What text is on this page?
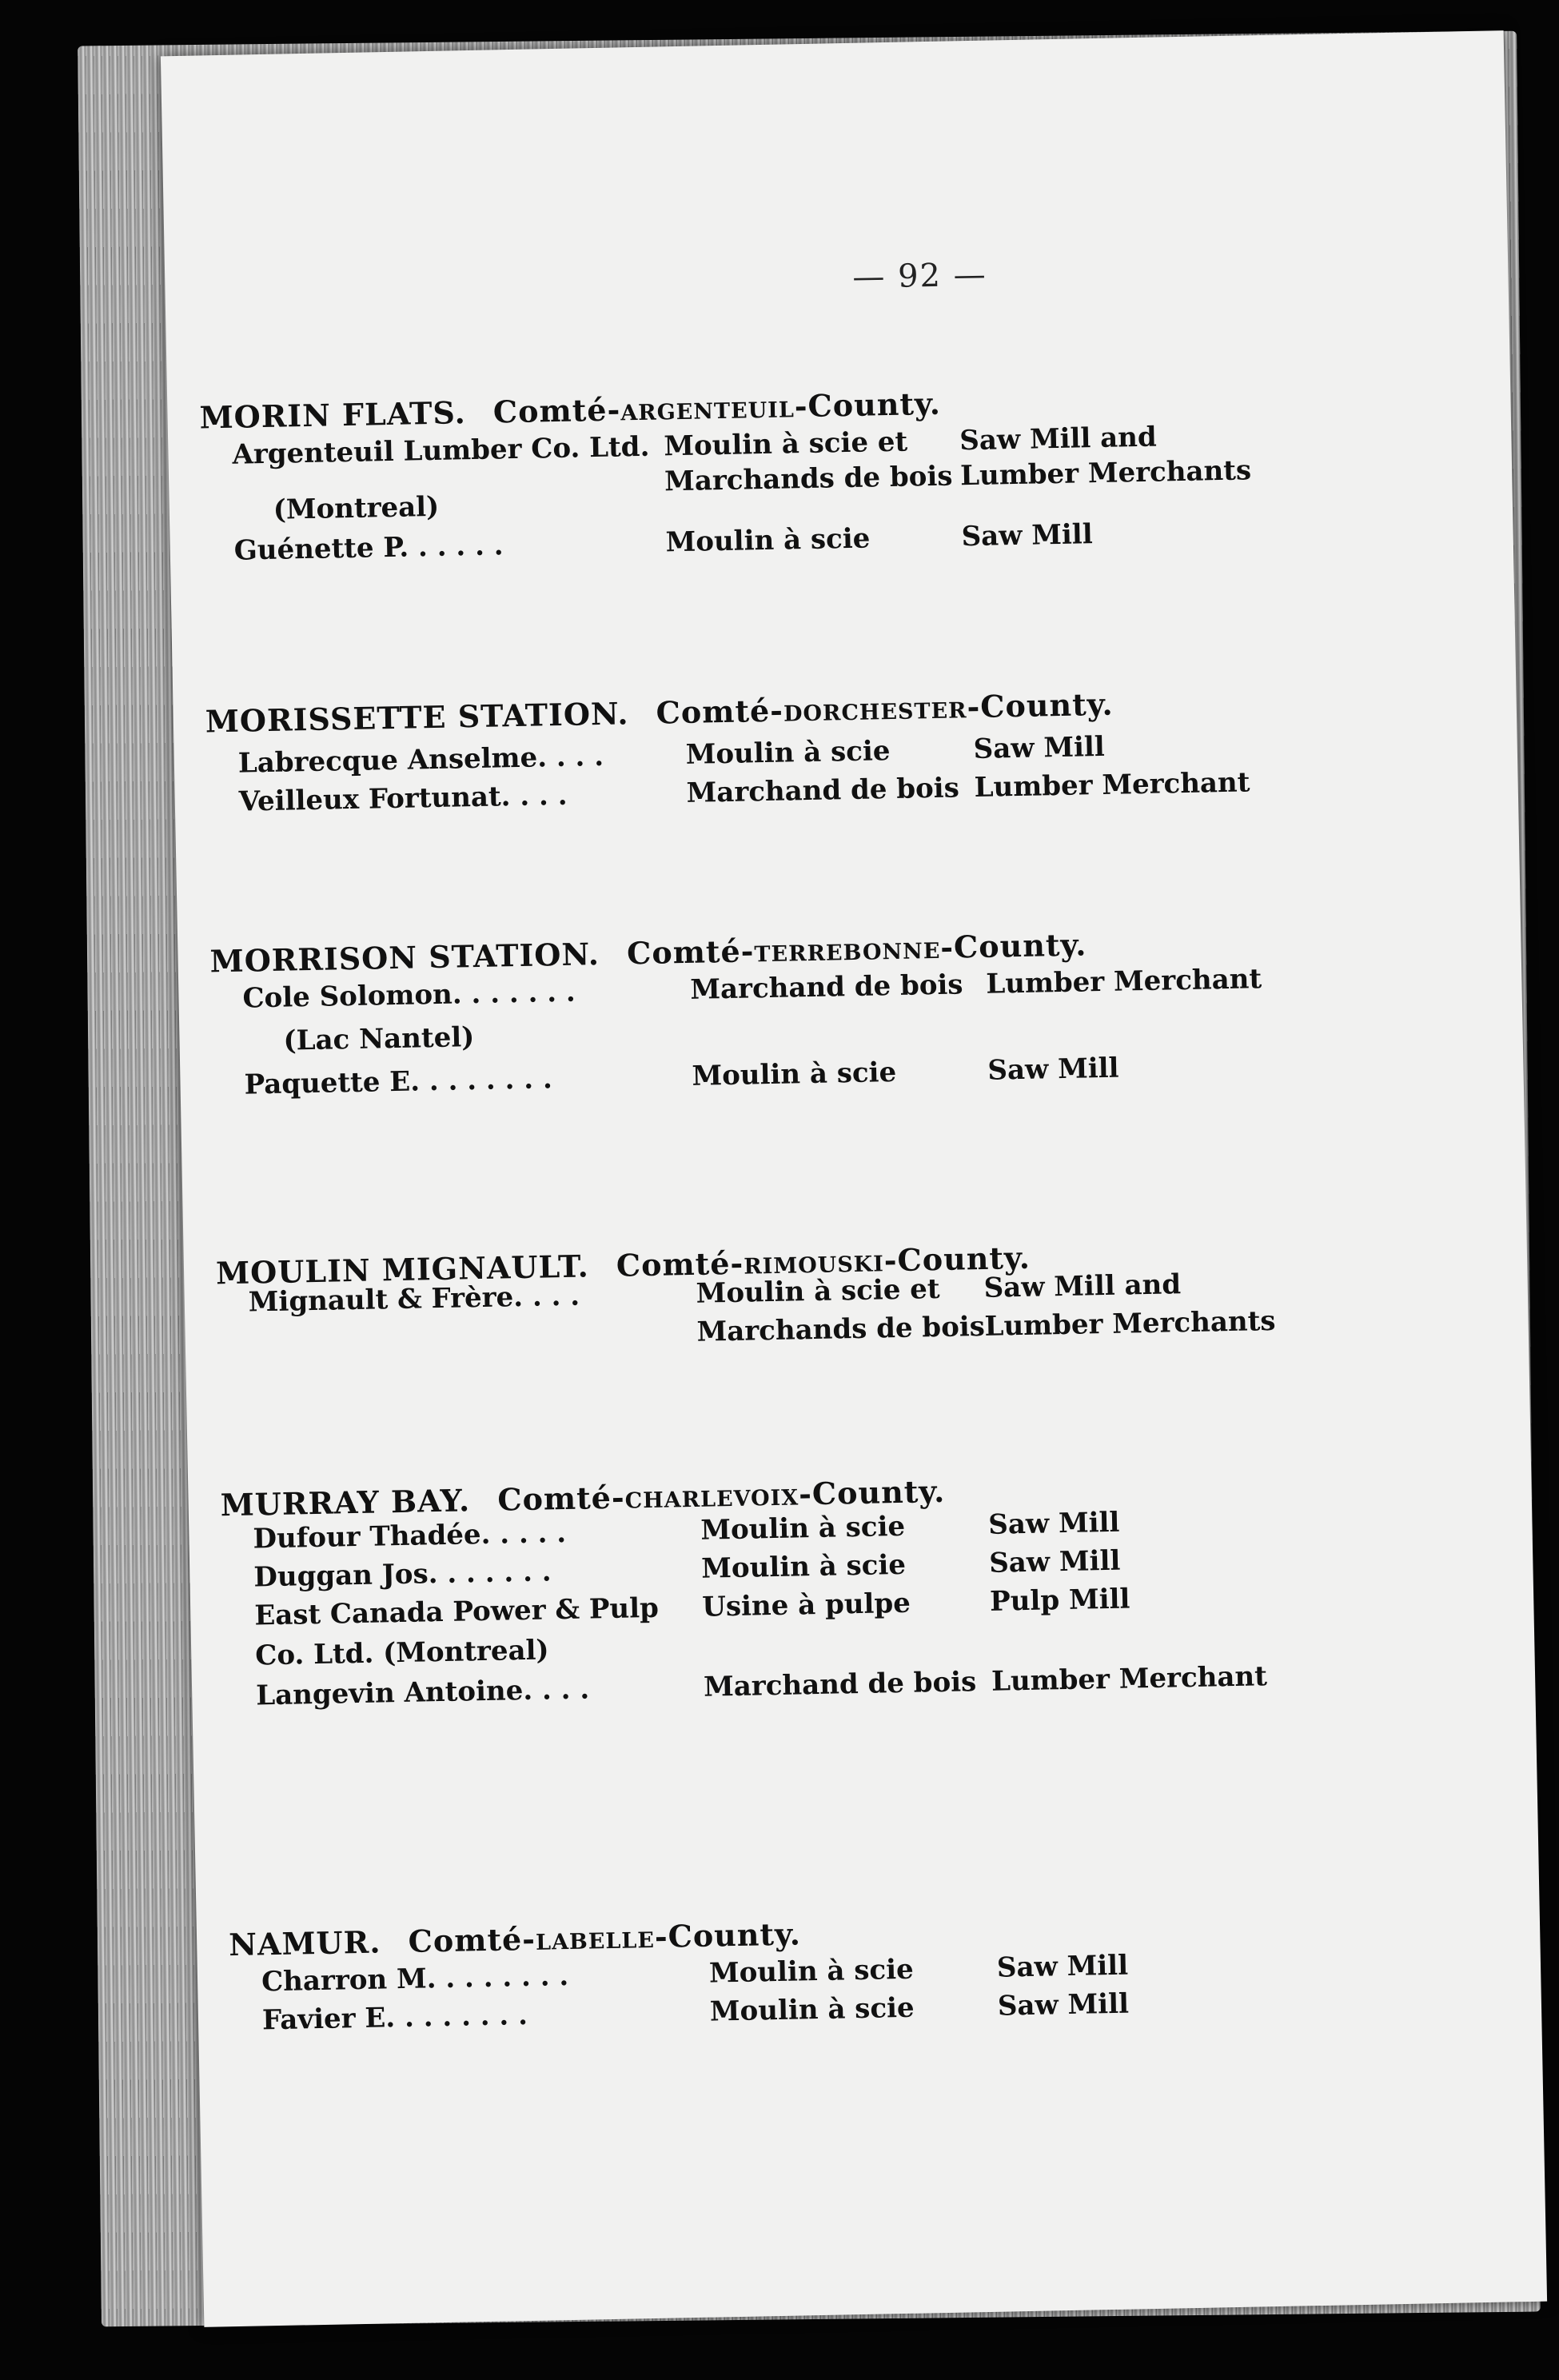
— 92 —
MORIN FLATS. Comté-ARGENTEUIL-County.
Argenteuil Lumber Co. Ltd. Moulin à scie et Saw Mill and
Marchands de bois Lumber Merchants
(Montreal)
Guénette P. . . . . .	Moulin à scie	Saw Mill
MORISSETTE STATION. Comté-DORCHESTER-County.
Labrecque Anselme. . . .	Moulin à scie	Saw Mill
Veilleux Fortunat. . . .	Marchand de bois Lumber Merchant
MORRISON STATION. Comté-TERREBONNE-County.
Cole Solomon. . . . . . .	Marchand de bois Lumber Merchant
(Lac Nantel)
Paquette E. . . . . . . .	Moulin à scie	Saw Mill
MOULIN MIGNAULT. Comté-RIMOUSKI-County.
Mignault & Frère. . . .	Moulin à scie et Saw Mill and
Marchands de bois
Lumber Merchants
MURRAY BAY. Comté-CHARLEVOIX-County.
Dufour Thadée. . . . .	Moulin à scie	Saw Mill
Duggan Jos. . . . . . .	Moulin à scie	Saw Mill
East Canada Power & Pulp Usine à pulpe	Pulp Mill
Co. Ltd. (Montreal)
Langevin Antoine. . . .	Marchand de bois Lumber Merchant
NAMUR. Comté-LABELLE-County.
Charron M. . . . . . . .	Moulin à scie	Saw Mill
Favier E. . . . . . . .	Moulin à scie	Saw Mill
